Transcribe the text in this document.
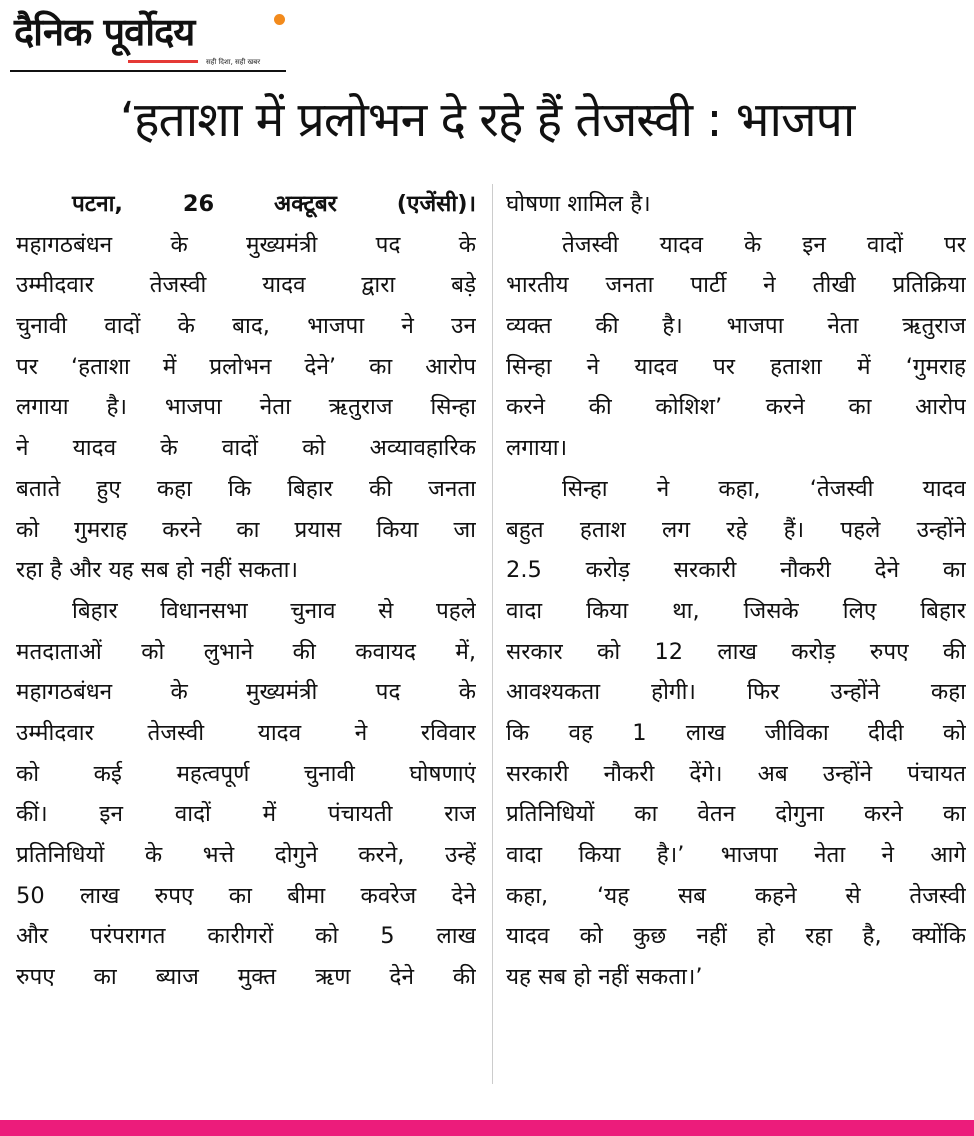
दैनिक पूर्वोदय
सही दिशा, सही खबर
‘हताशा में प्रलोभन दे रहे हैं तेजस्वी : भाजपा
पटना, 26 अक्टूबर (एजेंसी)।
महागठबंधन के मुख्यमंत्री पद के
उम्मीदवार तेजस्वी यादव द्वारा बड़े
चुनावी वादों के बाद, भाजपा ने उन
पर ‘हताशा में प्रलोभन देने’ का आरोप
लगाया है। भाजपा नेता ऋतुराज सिन्हा
ने यादव के वादों को अव्यावहारिक
बताते हुए कहा कि बिहार की जनता
को गुमराह करने का प्रयास किया जा
रहा है और यह सब हो नहीं सकता।
बिहार विधानसभा चुनाव से पहले
मतदाताओं को लुभाने की कवायद में,
महागठबंधन के मुख्यमंत्री पद के
उम्मीदवार तेजस्वी यादव ने रविवार
को कई महत्वपूर्ण चुनावी घोषणाएं
कीं। इन वादों में पंचायती राज
प्रतिनिधियों के भत्ते दोगुने करने, उन्हें
50 लाख रुपए का बीमा कवरेज देने
और परंपरागत कारीगरों को 5 लाख
रुपए का ब्याज मुक्त ऋण देने की
घोषणा शामिल है।
तेजस्वी यादव के इन वादों पर
भारतीय जनता पार्टी ने तीखी प्रतिक्रिया
व्यक्त की है। भाजपा नेता ऋतुराज
सिन्हा ने यादव पर हताशा में ‘गुमराह
करने की कोशिश’ करने का आरोप
लगाया।
सिन्हा ने कहा, ‘तेजस्वी यादव
बहुत हताश लग रहे हैं। पहले उन्होंने
2.5 करोड़ सरकारी नौकरी देने का
वादा किया था, जिसके लिए बिहार
सरकार को 12 लाख करोड़ रुपए की
आवश्यकता होगी। फिर उन्होंने कहा
कि वह 1 लाख जीविका दीदी को
सरकारी नौकरी देंगे। अब उन्होंने पंचायत
प्रतिनिधियों का वेतन दोगुना करने का
वादा किया है।’ भाजपा नेता ने आगे
कहा, ‘यह सब कहने से तेजस्वी
यादव को कुछ नहीं हो रहा है, क्योंकि
यह सब हो नहीं सकता।’
